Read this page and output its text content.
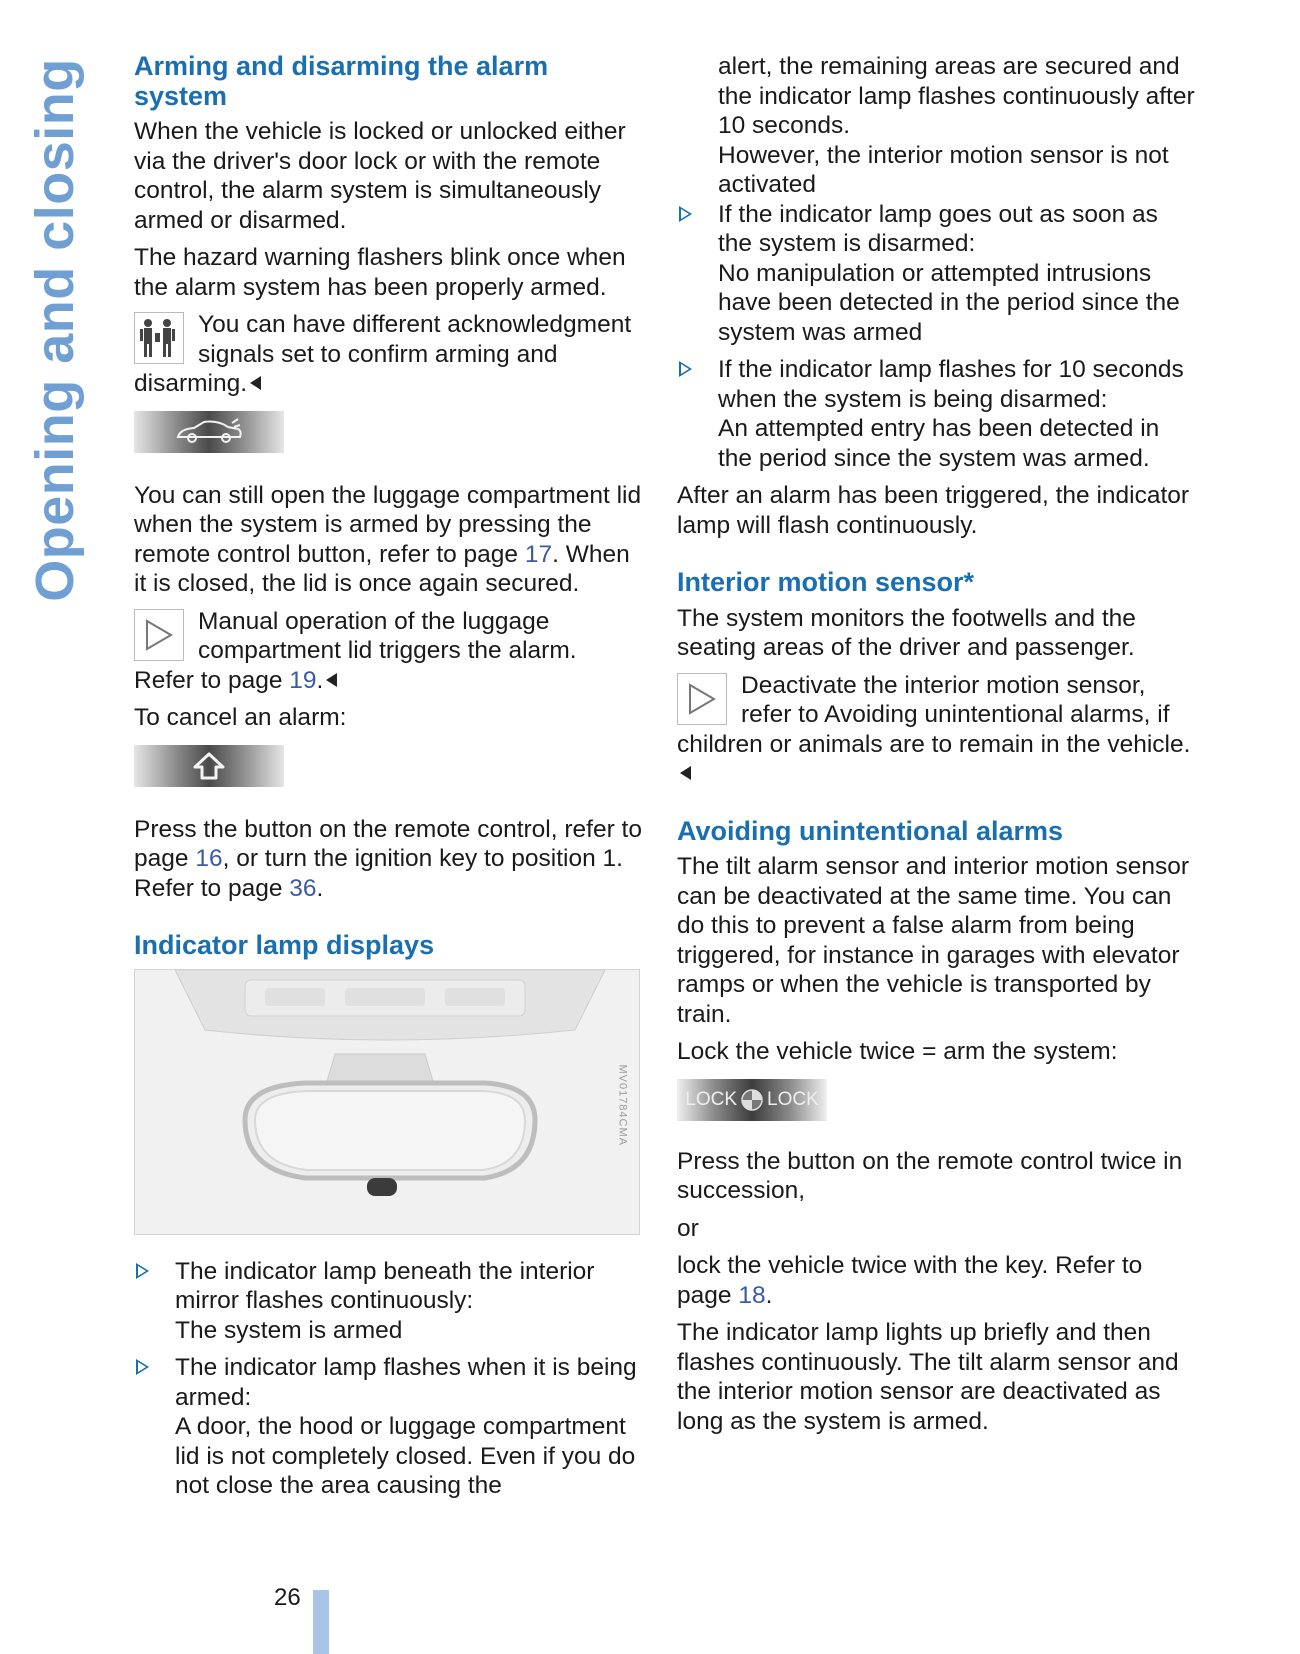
Opening and closing Arming and disarming the alarm system

When the vehicle is locked or unlocked either via the driver's door lock or with the remote control, the alarm system is simultaneously armed or disarmed.

The hazard warning flashers blink once when the alarm system has been properly armed.

You can have different acknowledgment signals set to confirm arming and disarming.

You can still open the luggage compartment lid when the system is armed by pressing the remote control button, refer to page 17. When it is closed, the lid is once again secured.

Manual operation of the luggage compartment lid triggers the alarm. Refer to page 19.

To cancel an alarm:

Press the button on the remote control, refer to page 16, or turn the ignition key to position 1. Refer to page 36.

Indicator lamp displays
MV01784CMA
The indicator lamp beneath the interior mirror flashes continuously:
The system is armed
The indicator lamp flashes when it is being armed:
A door, the hood or luggage compartment lid is not completely closed. Even if you do not close the area causing the

alert, the remaining areas are secured and the indicator lamp flashes continuously after 10 seconds.

However, the interior motion sensor is not activated

If the indicator lamp goes out as soon as the system is disarmed:
No manipulation or attempted intrusions have been detected in the period since the system was armed
If the indicator lamp flashes for 10 seconds when the system is being disarmed:
An attempted entry has been detected in the period since the system was armed.

After an alarm has been triggered, the indicator lamp will flash continuously.

Interior motion sensor*

The system monitors the footwells and the seating areas of the driver and passenger.

Deactivate the interior motion sensor, refer to Avoiding unintentional alarms, if children or animals are to remain in the vehicle.
Avoiding unintentional alarms

The tilt alarm sensor and interior motion sensor can be deactivated at the same time. You can do this to prevent a false alarm from being triggered, for instance in garages with elevator ramps or when the vehicle is transported by train.

Lock the vehicle twice = arm the system:

LOCK LOCK

Press the button on the remote control twice in succession,

or

lock the vehicle twice with the key. Refer to page 18.

The indicator lamp lights up briefly and then flashes continuously. The tilt alarm sensor and the interior motion sensor are deactivated as long as the system is armed.

26
